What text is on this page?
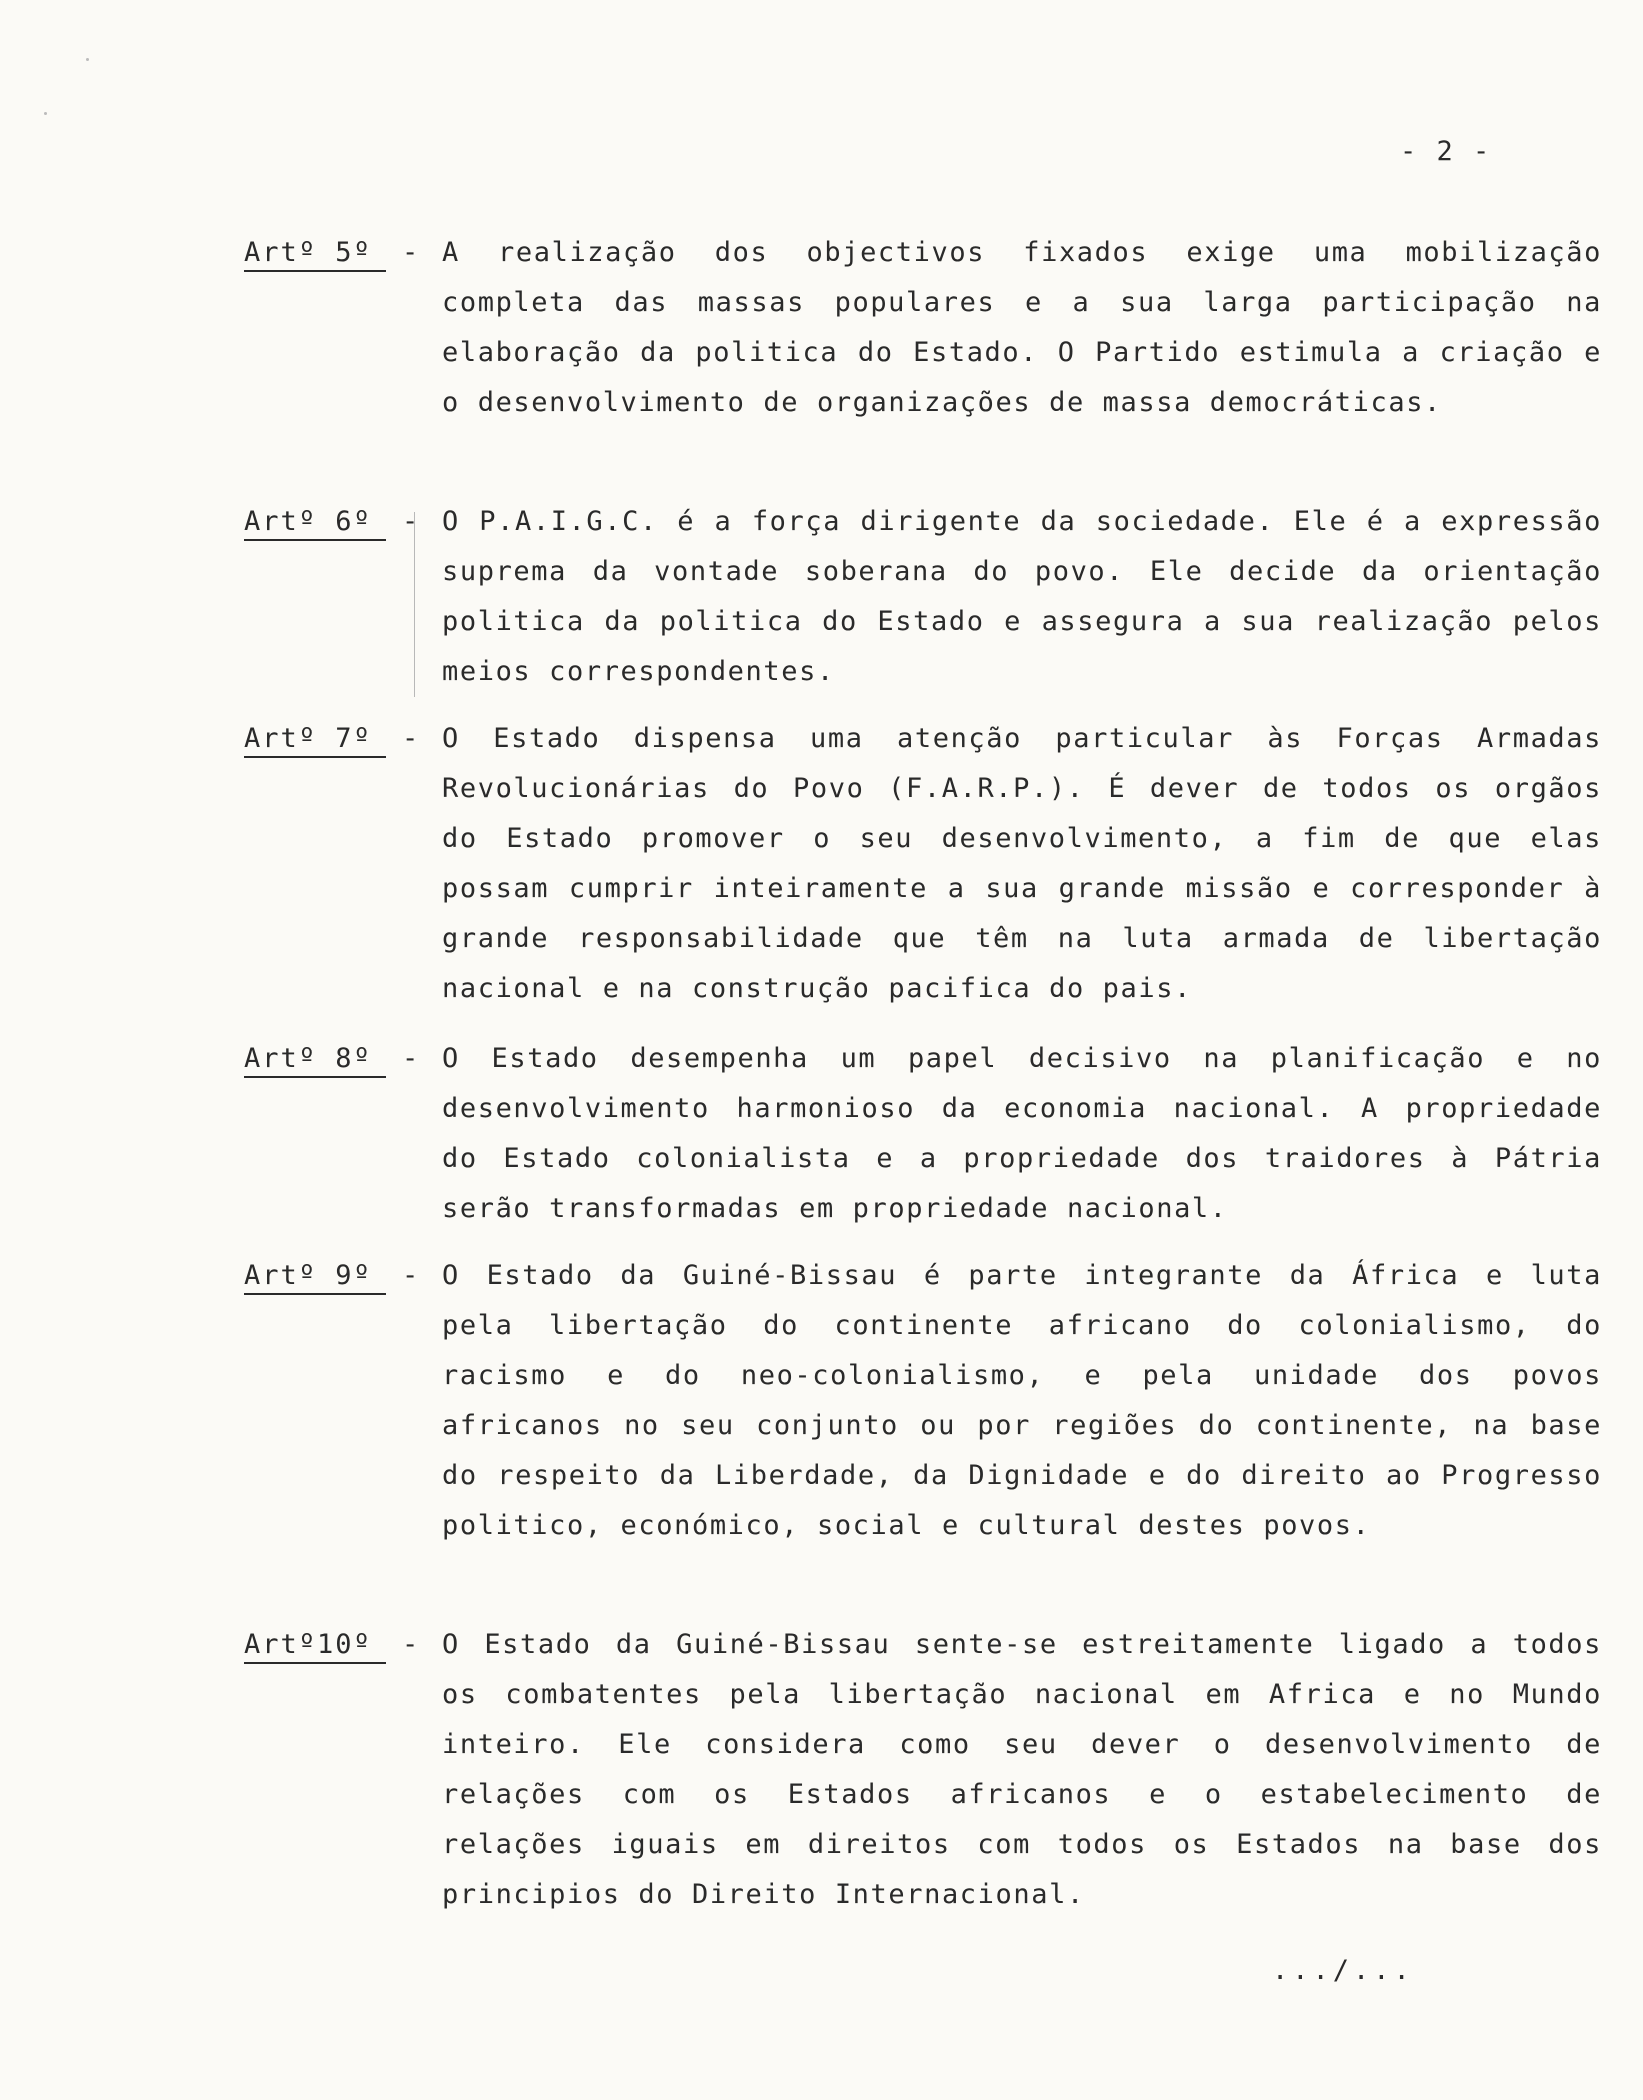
- 2 -
Artº 5º	- A realização dos objectivos fixados exige uma mobilização completa das massas populares e a sua larga participação na elaboração da politica do Estado. O Partido estimula a criação e o desenvolvimento de organizações de massa democráticas.

Artº 6º	- O P.A.I.G.C. é a força dirigente da sociedade. Ele é a expressão suprema da vontade soberana do povo. Ele decide da orientação politica da politica do Estado e assegura a sua realização pelos meios correspondentes.

Artº 7º	- O Estado dispensa uma atenção particular às Forças Armadas Revolucionárias do Povo (F.A.R.P.). É dever de todos os orgãos do Estado promover o seu desenvolvimento, a fim de que elas possam cumprir inteiramente a sua grande missão e corresponder à grande responsabilidade que têm na luta armada de libertação nacional e na construção pacifica do pais.

Artº 8º	- O Estado desempenha um papel decisivo na planificação e no desenvolvimento harmonioso da economia nacional. A propriedade do Estado colonialista e a propriedade dos traidores à Pátria serão transformadas em propriedade nacional.

Artº 9º	- O Estado da Guiné-Bissau é parte integrante da África e luta pela libertação do continente africano do colonialismo, do racismo e do neo-colonialismo, e pela unidade dos povos africanos no seu conjunto ou por regiões do continente, na base do respeito da Liberdade, da Dignidade e do direito ao Progresso politico, económico, social e cultural destes povos.

Artº10º	- O Estado da Guiné-Bissau sente-se estreitamente ligado a todos os combatentes pela libertação nacional em Africa e no Mundo inteiro. Ele considera como seu dever o desenvolvimento de relações com os Estados africanos e o estabelecimento de relações iguais em direitos com todos os Estados na base dos principios do Direito Internacional.

.../...
